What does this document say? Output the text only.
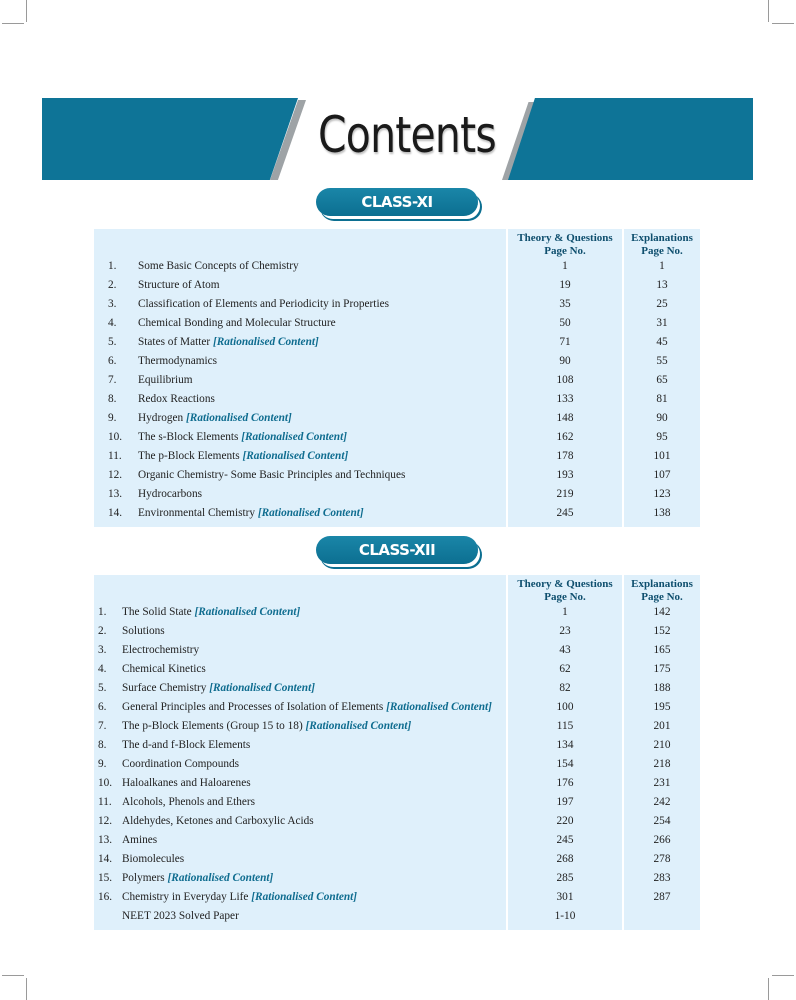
Contents
CLASS-XI
Theory & Questions
Page No.
Explanations
Page No.
1. Some Basic Concepts of Chemistry	1	1
2. Structure of Atom	19	13
3. Classification of Elements and Periodicity in Properties	35	25
4. Chemical Bonding and Molecular Structure	50	31
5. States of Matter [Rationalised Content]	71	45
6. Thermodynamics	90	55
7. Equilibrium	108	65
8. Redox Reactions	133	81
9. Hydrogen [Rationalised Content]	148	90
10. The s-Block Elements [Rationalised Content]	162	95
11. The p-Block Elements [Rationalised Content]	178	101
12. Organic Chemistry- Some Basic Principles and Techniques	193	107
13. Hydrocarbons	219	123
14. Environmental Chemistry [Rationalised Content]	245	138
CLASS-XII
Theory & Questions
Page No.
Explanations
Page No.
1. The Solid State [Rationalised Content]	1	142
2. Solutions	23	152
3. Electrochemistry	43	165
4. Chemical Kinetics	62	175
5. Surface Chemistry [Rationalised Content]	82	188
6. General Principles and Processes of Isolation of Elements [Rationalised Content]	100	195
7. The p-Block Elements (Group 15 to 18) [Rationalised Content]	115	201
8. The d-and f-Block Elements	134	210
9. Coordination Compounds	154	218
10. Haloalkanes and Haloarenes	176	231
11. Alcohols, Phenols and Ethers	197	242
12. Aldehydes, Ketones and Carboxylic Acids	220	254
13. Amines	245	266
14. Biomolecules	268	278
15. Polymers [Rationalised Content]	285	283
16. Chemistry in Everyday Life [Rationalised Content]	301	287
NEET 2023 Solved Paper	1-10
